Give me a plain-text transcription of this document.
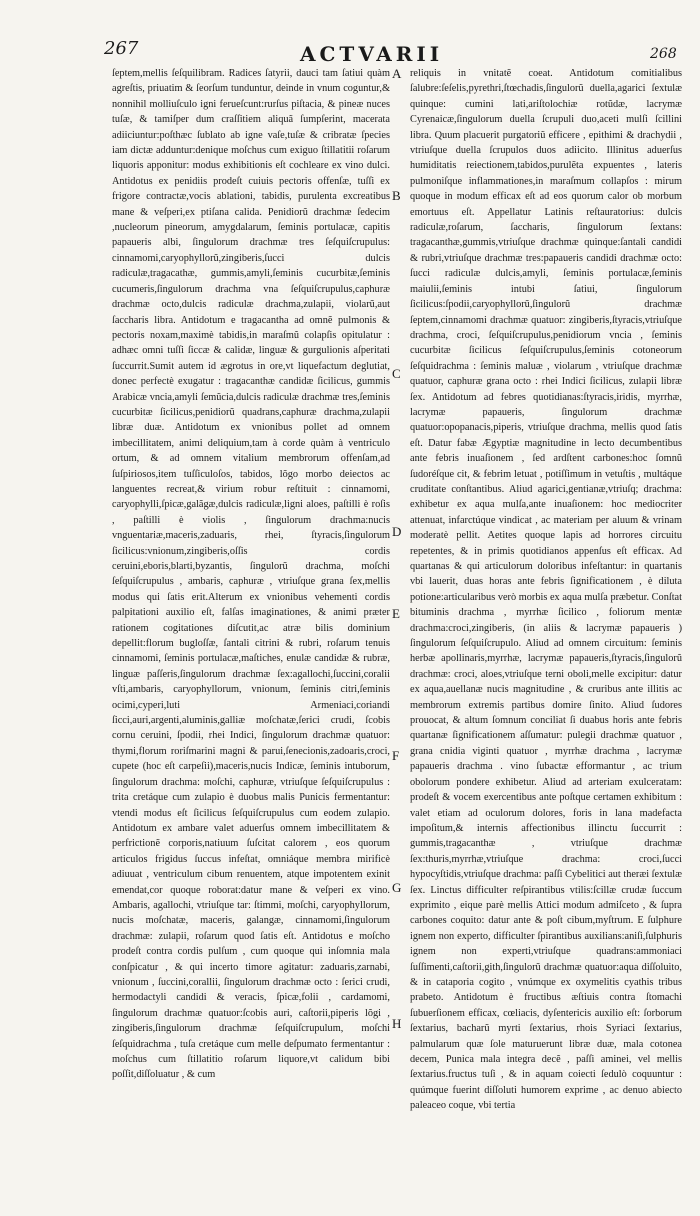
267	ACTVARII	268

ſeptem,mellis ſeſquilibram. Radices ſatyrii, dauci tam ſatiui quàm agreſtis, priuatim & ſeorſum tunduntur, deinde in vnum coguntur,& nonnihil molliuſculo igni ferueſcunt:rurſus piſtacia, & pineæ nuces tuſæ, & tamiſper dum craſſitiem aliquã ſumpſerint, macerata adiiciuntur:poſthæc ſublato ab igne vaſe,tuſæ & cribratæ ſpecies iam dictæ adduntur:denique moſchus cum exiguo ſtillatitii roſarum liquoris apponitur: modus exhibitionis eſt cochleare ex vino dulci. Antidotus ex penidiis prodeſt cuiuis pectoris offenſæ, tuſſi ex frigore contractæ,vocis ablationi, tabidis, purulenta excreatibus mane & veſperi,ex ptiſana calida. Penidiorũ drachmæ ſedecim ,nucleorum pineorum, amygdalarum, ſeminis portulacæ, capitis papaueris albi, ſingulorum drachmæ tres ſeſquiſcrupulus: cinnamomi,caryophyllorũ,zingiberis,ſucci dulcis radiculæ,tragacathæ, gummis,amyli,ſeminis cucurbitæ,ſeminis cucumeris,ſingulorum drachma vna ſeſquiſcrupulus,caphuræ drachmæ octo,dulcis radiculæ drachma,zulapii, violarũ,aut ſaccharis libra. Antidotum e tragacantha ad omnẽ pulmonis & pectoris noxam,maximè tabidis,in maraſmũ colapſis opitulatur : adhæc omni tuſſi ſiccæ & calidæ, linguæ & gurgulionis aſperitati ſuccurrit.Sumit autem id ægrotus in ore,vt liquefactum deglutiat, donec perfectè exugatur : tragacanthæ candidæ ſicilicus, gummis Arabicæ vncia,amyli ſemũcia,dulcis radiculæ drachmæ tres,ſeminis cucurbitæ ſicilicus,penidiorũ quadrans,caphuræ drachma,zulapii libræ duæ. Antidotum ex vnionibus pollet ad omnem imbecillitatem, animi deliquium,tam à corde quàm à ventriculo ortum, & ad omnem vitalium membrorum offenſam,ad ſuſpiriosos,item tuſſiculoſos, tabidos, lõgo morbo deiectos ac languentes recreat,& virium robur reſtituit : cinnamomi, caryophylli,ſpicæ,galãgæ,dulcis radiculæ,ligni aloes, paſtilli è roſis , paſtilli è violis , ſingulorum drachma:nucis vnguentariæ,maceris,zaduaris, rhei, ſtyracis,ſingulorum ſicilicus:vnionum,zingiberis,oſſis cordis ceruini,eboris,blarti,byzantis, ſingulorũ drachma, moſchi ſeſquiſcrupulus , ambaris, caphuræ , vtriuſque grana ſex,mellis modus qui ſatis erit.Alterum ex vnionibus vehementi cordis palpitationi auxilio eſt, falſas imaginationes, & animi præter rationem cogitationes diſcutit,ac atræ bilis dominium depellit:florum bugloſſæ, ſantali citrini & rubri, roſarum tenuis cinnamomi, ſeminis portulacæ,maſtiches, enulæ candidæ & rubræ, linguæ paſſeris,ſingulorum drachmæ ſex:agallochi,ſuccini,coralii vſti,ambaris, caryophyllorum, vnionum, ſeminis citri,ſeminis ocimi,cyperi,luti Armeniaci,coriandi ſicci,auri,argenti,aluminis,galliæ moſchatæ,ſerici crudi, ſcobis cornu ceruini, ſpodii, rhei Indici, ſingulorum drachmæ quatuor: thymi,florum roriſmarini magni & parui,ſenecionis,zadoaris,croci, cupete (hoc eſt carpeſii),maceris,nucis Indicæ, ſeminis intuborum, ſingulorum drachma: moſchi, caphuræ, vtriuſque ſeſquiſcrupulus : trita cretáque cum zulapio è duobus malis Punicis fermentantur: vtendi modus eſt ſicilicus ſeſquiſcrupulus cum eodem zulapio. Antidotum ex ambare valet aduerſus omnem imbecillitatem & perfrictionẽ corporis,natiuum ſuſcitat calorem , eos quorum articulos frigidus ſuccus infeſtat, omniáque membra mirificè adiuuat , ventriculum cibum renuentem, atque impotentem exinit emendat,cor quoque roborat:datur mane & veſperi ex vino. Ambaris, agallochi, vtriuſque tar: ſtimmi, moſchi, caryophyllorum, nucis moſchatæ, maceris, galangæ, cinnamomi,ſingulorum drachmæ: zulapii, roſarum quod ſatis eſt. Antidotus e moſcho prodeſt contra cordis pulſum , cum quoque qui inſomnia mala conſpicatur , & qui incerto timore agitatur: zaduaris,zarnabi, vnionum , ſuccini,corallii, ſingulorum drachmæ octo : ſerici crudi, hermodactyli candidi & veracis, ſpicæ,folii , cardamomi, ſingulorum drachmæ quatuor:ſcobis auri, caſtorii,piperis lõgi , zingiberis,ſingulorum drachmæ ſeſquiſcrupulum, moſchi ſeſquidrachma , tuſa cretáque cum melle deſpumato fermentantur : moſchus cum ſtillatitio roſarum liquore,vt calidum bibi poſſit,diſſoluatur , & cum

A
B
C
D
E
F
G
H

reliquis in vnitatẽ coeat. Antidotum comitialibus ſalubre:ſeſelis,pyrethri,ſtœchadis,ſingulorũ duella,agarici ſextulæ quinque: cumini lati,ariſtolochiæ rotũdæ, lacrymæ Cyrenaicæ,ſingulorum duella ſcrupuli duo,aceti mulſi ſcillini libra. Quum placuerit purgatoriũ efficere , epithimi & drachydii , vtriuſque duella ſcrupulos duos adiicito. Illinitus aduerſus humiditatis reiectionem,tabidos,purulẽta expuentes , lateris pulmoniſque inflammationes,in maraſmum collapſos : mirum quoque in modum efficax eſt ad eos quorum calor ob morbum emortuus eſt. Appellatur Latinis reſtauratorius: dulcis radiculæ,roſarum, ſaccharis, ſingulorum ſextans: tragacanthæ,gummis,vtriuſque drachmæ quinque:ſantali candidi & rubri,vtriuſque drachmæ tres:papaueris candidi drachmæ octo: ſucci radiculæ dulcis,amyli, ſeminis portulacæ,ſeminis maiulii,ſeminis intubi ſatiui, ſingulorum ſicilicus:ſpodii,caryophyllorũ,ſingulorũ drachmæ ſeptem,cinnamomi drachmæ quatuor: zingiberis,ſtyracis,vtriuſque drachma, croci, ſeſquiſcrupulus,penidiorum vncia , ſeminis cucurbitæ ſicilicus ſeſquiſcrupulus,ſeminis cotoneorum ſeſquidrachma : ſeminis maluæ , violarum , vtriuſque drachmæ quatuor, caphuræ grana octo : rhei Indici ſicilicus, zulapii libræ ſex. Antidotum ad febres quotidianas:ſtyracis,iridis, myrrhæ, lacrymæ papaueris, ſingulorum drachmæ quatuor:opopanacis,piperis, vtriuſque drachma, mellis quod ſatis eſt. Datur fabæ Ægyptiæ magnitudine in lecto decumbentibus ante febris inuaſionem , ſed ardſtent carbones:hoc ſomnũ ſudoréſque cit, & febrim letuat , potiſſimum in vetuſtis , multáque cruditate conſtantibus. Aliud agarici,gentianæ,vtriuſq; drachma: exhibetur ex aqua mulſa,ante inuaſionem: hoc mediocriter attenuat, infarctúque vindicat , ac materiam per aluum & vrinam moderatè pellit. Aetites quoque lapis ad horrores circuitu repetentes, & in primis quotidianos appenſus eſt efficax. Ad quartanas & qui articulorum doloribus infeſtantur: in quartanis vbi lauerit, duas horas ante febris ſignificationem , è diluta potione:articularibus verò morbis ex aqua mulſa præbetur. Conſtat bituminis drachma , myrrhæ ſicilico , foliorum mentæ drachma:croci,zingiberis, (in aliis & lacrymæ papaueris ) ſingulorum ſeſquiſcrupulo. Aliud ad omnem circuitum: ſeminis herbæ apollinaris,myrrhæ, lacrymæ papaueris,ſtyracis,ſingulorũ drachmæ: croci, aloes,vtriuſque terni oboli,melle excipitur: datur ex aqua,auellanæ nucis magnitudine , & cruribus ante illitis ac membrorum extremis partibus domire ſinito. Aliud ſudores prouocat, & altum ſomnum conciliat ſi duabus horis ante febris quartanæ ſignificationem aſſumatur: pulegii drachmæ quatuor , grana cnidia viginti quatuor , myrrhæ drachma , lacrymæ papaueris drachma . vino ſubactæ efformantur , ac trium obolorum pondere exhibetur. Aliud ad arteriam exulceratam: prodeſt & vocem exercentibus ante poſtque certamen exhibitum : valet etiam ad oculorum dolores, foris in lana madefacta impoſitum,& internis affectionibus illinctu ſuccurrit : gummis,tragacanthæ , vtriuſque drachmæ ſex:thuris,myrrhæ,vtriuſque drachma: croci,ſucci hypocyſtidis,vtriuſque drachma: paſſi Cybelitici aut theræi ſextulæ ſex. Linctus difficulter reſpirantibus vtilis:ſcillæ crudæ ſuccum exprimito , eique parè mellis Attici modum admiſceto , & ſupra carbones coquito: datur ante & poſt cibum,myſtrum. E ſulphure ignem non experto, difficulter ſpirantibus auxilians:aniſi,ſulphuris ignem non experti,vtriuſque quadrans:ammoniaci ſuſſimenti,caſtorii,gith,ſingulorũ drachmæ quatuor:aqua diſſoluito, & in cataporia cogito , vnúmque ex oxymelitis cyathis tribus prabeto. Antidotum è fructibus æſtiuis contra ſtomachi ſubuerſionem efficax, cœliacis, dyſentericis auxilio eſt: ſorborum ſextarius, bacharũ myrti ſextarius, rhois Syriaci ſextarius, palmularum quæ ſole maturuerunt libræ duæ, mala cotonea decem, Punica mala integra decẽ , paſſi aminei, vel mellis ſextarius.fructus tuſi , & in aquam coiecti ſedulò coquuntur : quúmque fuerint diſſoluti humorem exprime , ac denuo abiecto paleaceo coque, vbi tertia
